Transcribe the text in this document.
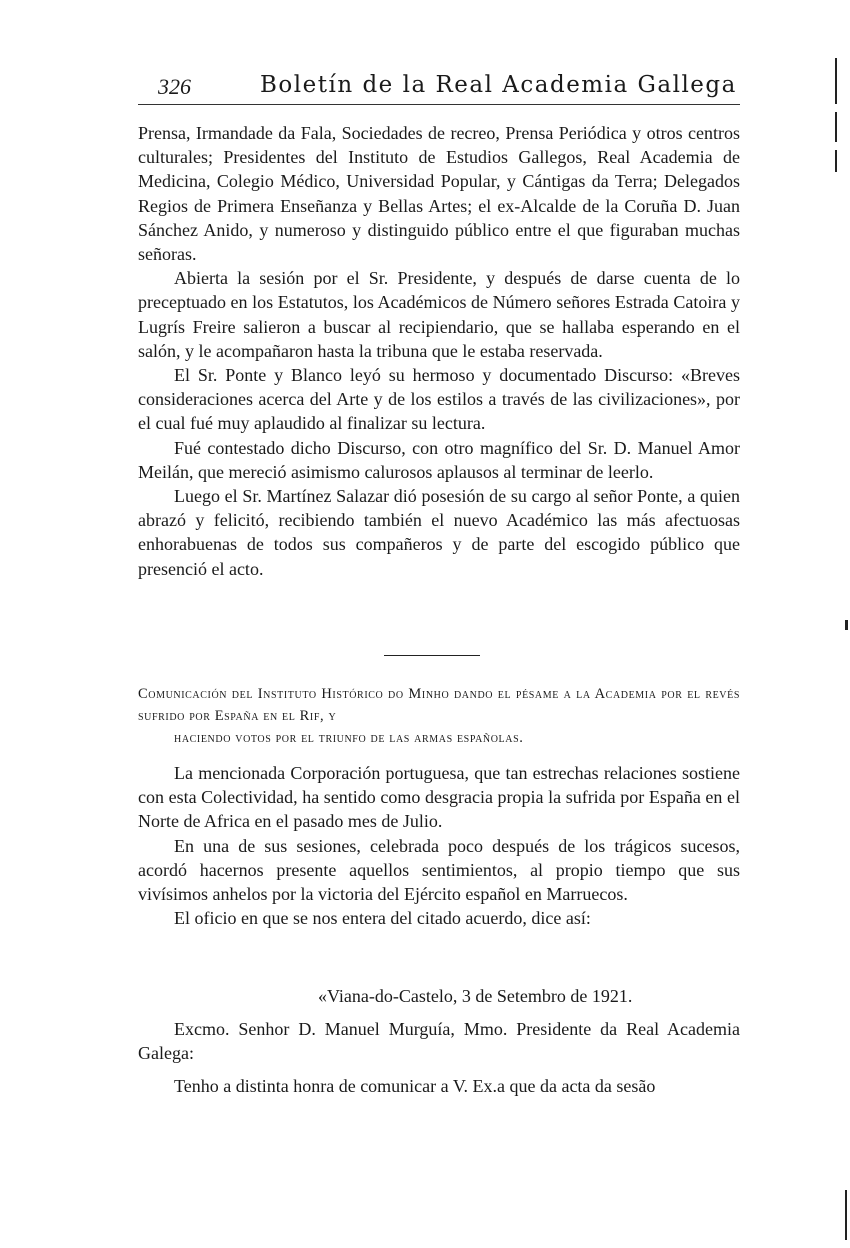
326	Boletín de la Real Academia Gallega

Prensa, Irmandade da Fala, Sociedades de recreo, Prensa Periódica y otros centros culturales; Presidentes del Instituto de Estudios Gallegos, Real Academia de Medicina, Colegio Médico, Universidad Popular, y Cántigas da Terra; Delegados Regios de Primera Enseñanza y Bellas Artes; el ex-Alcalde de la Coruña D. Juan Sánchez Anido, y numeroso y distinguido público entre el que figuraban muchas señoras.

Abierta la sesión por el Sr. Presidente, y después de darse cuenta de lo preceptuado en los Estatutos, los Académicos de Número señores Estrada Catoira y Lugrís Freire salieron a buscar al recipiendario, que se hallaba esperando en el salón, y le acompañaron hasta la tribuna que le estaba reservada.

El Sr. Ponte y Blanco leyó su hermoso y documentado Discurso: «Breves consideraciones acerca del Arte y de los estilos a través de las civilizaciones», por el cual fué muy aplaudido al finalizar su lectura.

Fué contestado dicho Discurso, con otro magnífico del Sr. D. Manuel Amor Meilán, que mereció asimismo calurosos aplausos al terminar de leerlo.

Luego el Sr. Martínez Salazar dió posesión de su cargo al señor Ponte, a quien abrazó y felicitó, recibiendo también el nuevo Académico las más afectuosas enhorabuenas de todos sus compañeros y de parte del escogido público que presenció el acto.

Comunicación del Instituto Histórico do Minho dando el pésame a la Academia por el revés sufrido por España en el Rif, y
haciendo votos por el triunfo de las armas españolas.

La mencionada Corporación portuguesa, que tan estrechas relaciones sostiene con esta Colectividad, ha sentido como desgracia propia la sufrida por España en el Norte de Africa en el pasado mes de Julio.

En una de sus sesiones, celebrada poco después de los trágicos sucesos, acordó hacernos presente aquellos sentimientos, al propio tiempo que sus vivísimos anhelos por la victoria del Ejército español en Marruecos.

El oficio en que se nos entera del citado acuerdo, dice así:

«Viana-do-Castelo, 3 de Setembro de 1921.

Excmo. Senhor D. Manuel Murguía, Mmo. Presidente da Real Academia Galega:

Tenho a distinta honra de comunicar a V. Ex.a que da acta da sesão
